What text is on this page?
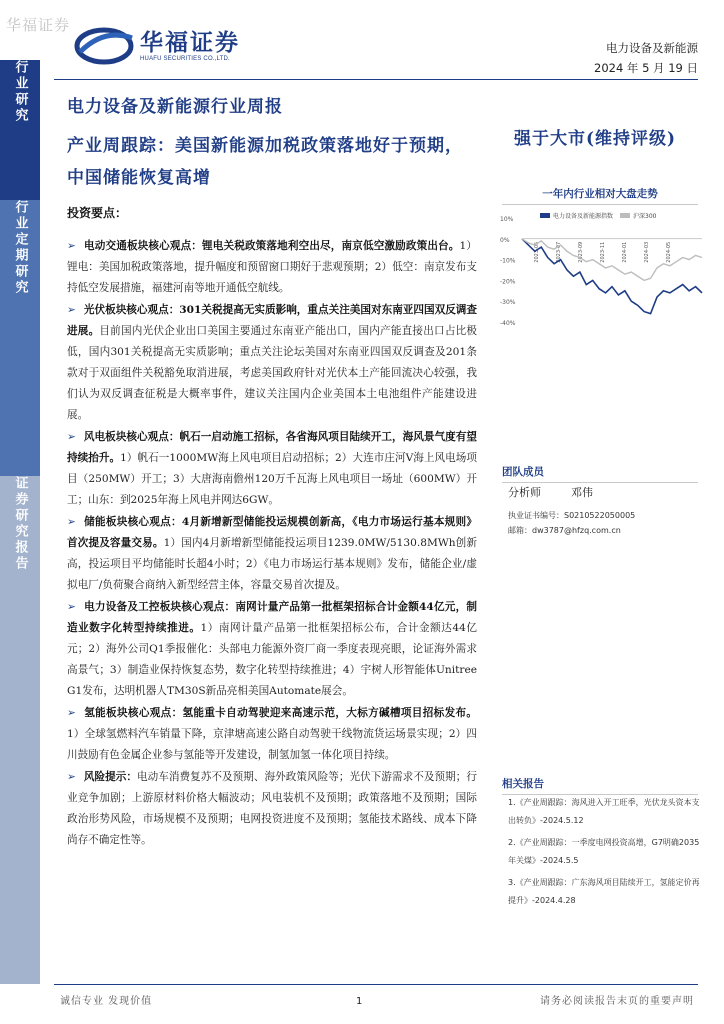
华福证券
华福证券
HUAFU SECURITIES CO.,LTD.
电力设备及新能源
2024 年 5 月 19 日
行业研究
行业定期研究
证券研究报告
电力设备及新能源行业周报
产业周跟踪：美国新能源加税政策落地好于预期，中国储能恢复高增
强于大市(维持评级)
投资要点：
➢ 电动交通板块核心观点：锂电关税政策落地利空出尽，南京低空激励政策出台。1）锂电：美国加税政策落地，提升幅度和预留窗口期好于悲观预期；2）低空：南京发布支持低空发展措施，福建河南等地开通低空航线。
➢ 光伏板块核心观点：301关税提高无实质影响，重点关注美国对东南亚四国双反调查进展。目前国内光伏企业出口美国主要通过东南亚产能出口，国内产能直接出口占比极低，国内301关税提高无实质影响；重点关注论坛美国对东南亚四国双反调查及201条款对于双面组件关税豁免取消进展，考虑美国政府针对光伏本土产能回流决心较强，我们认为双反调查征税是大概率事件，建议关注国内企业美国本土电池组件产能建设进展。
➢ 风电板块核心观点：帆石一启动施工招标，各省海风项目陆续开工，海风景气度有望持续抬升。1）帆石一1000MW海上风电项目启动招标；2）大连市庄河V海上风电场项目（250MW）开工；3）大唐海南儋州120万千瓦海上风电项目一场址（600MW）开工；山东：到2025年海上风电并网达6GW。
➢ 储能板块核心观点：4月新增新型储能投运规模创新高，《电力市场运行基本规则》首次提及容量交易。1）国内4月新增新型储能投运项目1239.0MW/5130.8MWh创新高，投运项目平均储能时长超4小时；2）《电力市场运行基本规则》发布，储能企业/虚拟电厂/负荷聚合商纳入新型经营主体，容量交易首次提及。
➢ 电力设备及工控板块核心观点：南网计量产品第一批框架招标合计金额44亿元，制造业数字化转型持续推进。1）南网计量产品第一批框架招标公布，合计金额达44亿元；2）海外公司Q1季报催化：头部电力能源外资厂商一季度表现亮眼，论证海外需求高景气；3）制造业保持恢复态势，数字化转型持续推进；4）宇树人形智能体Unitree G1发布，达明机器人TM30S新品亮相美国Automate展会。
➢ 氢能板块核心观点：氢能重卡自动驾驶迎来高速示范，大标方碱槽项目招标发布。1）全球氢燃料汽车销量下降，京津塘高速公路自动驾驶干线物流货运场景实现；2）四川鼓励有色金属企业参与氢能等开发建设，制氢加氢一体化项目持续。
➢ 风险提示：电动车消费复苏不及预期、海外政策风险等；光伏下游需求不及预期；行业竞争加剧；上游原材料价格大幅波动；风电装机不及预期；政策落地不及预期；国际政治形势风险，市场规模不及预期；电网投资进度不及预期；氢能技术路线、成本下降尚存不确定性等。
一年内行业相对大盘走势
10%
0%
-10%
-20%
-30%
-40%
2023-05	2023-07	2023-09	2023-11	2024-01	2024-03	2024-05
电力设备及新能源指数	沪深300
团队成员
分析师	邓伟
执业证书编号：S0210522050005
邮箱：dw3787@hfzq.com.cn
相关报告
1.《产业周跟踪：海风进入开工旺季，光伏龙头资本支出转负》-2024.5.12
2.《产业周跟踪：一季度电网投资高增，G7明确2035年关煤》-2024.5.5
3.《产业周跟踪：广东海风项目陆续开工，氢能定价再提升》-2024.4.28
诚信专业 发现价值	1	请务必阅读报告末页的重要声明
